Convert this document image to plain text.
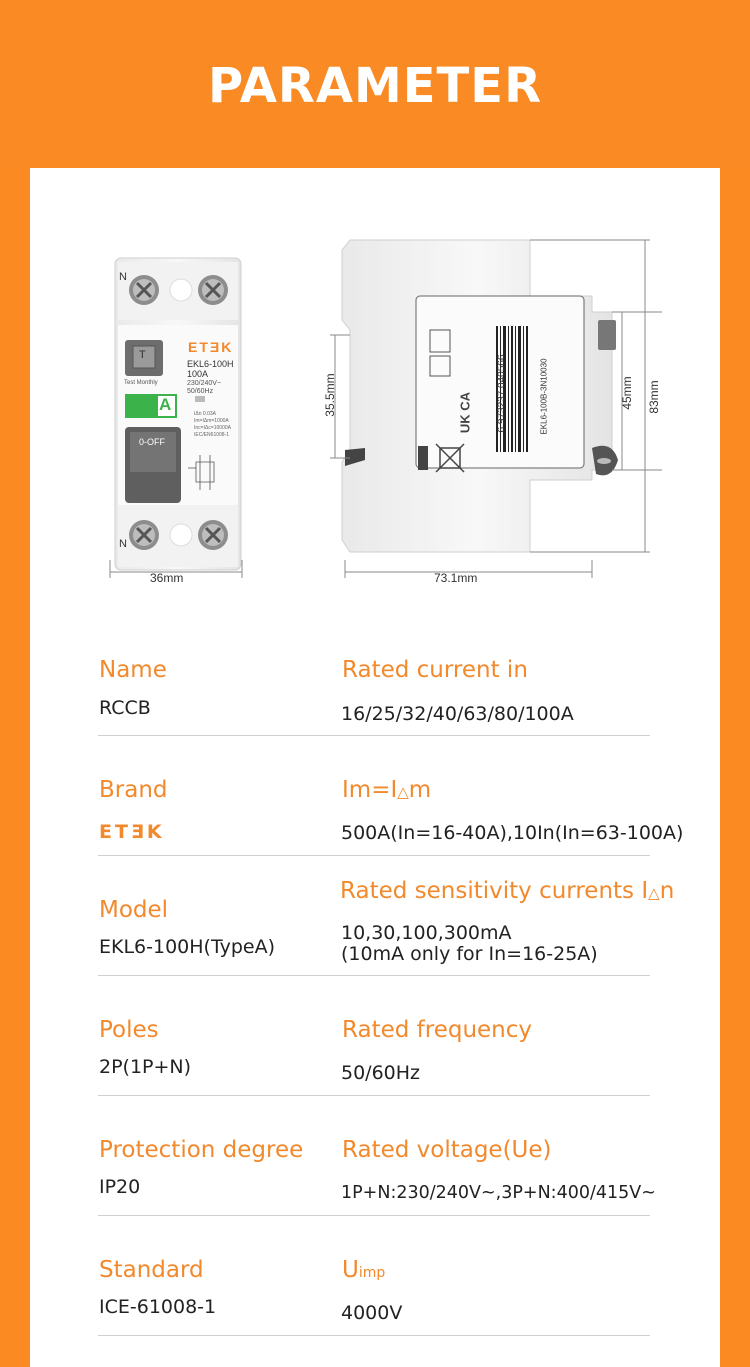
PARAMETER
N
N
ETƎK
EKL6-100H
100A
230/240V~
50/60Hz
T
Test Monthly
A
0-OFF
IΔn 0.03A
Im=IΔm=1000A
Inc=IΔc=10000A
IEC/EN61008-1
36mm	73.1mm
35.5mm	45mm 83mm
EKL6-100B-3N10030
6 973237 040566
UK CA
Name
RCCB
Rated current in
16/25/32/40/63/80/100A
Brand
ETƎK
Im=I△m
500A(In=16-40A),10In(In=63-100A)
Model
EKL6-100H(TypeA)
Rated sensitivity currents I△n
10,30,100,300mA
(10mA only for In=16-25A)
Poles
2P(1P+N)
Rated frequency
50/60Hz
Protection degree
IP20
Rated voltage(Ue)
1P+N:230/240V~,3P+N:400/415V~
Standard
ICE-61008-1
Uimp
4000V
